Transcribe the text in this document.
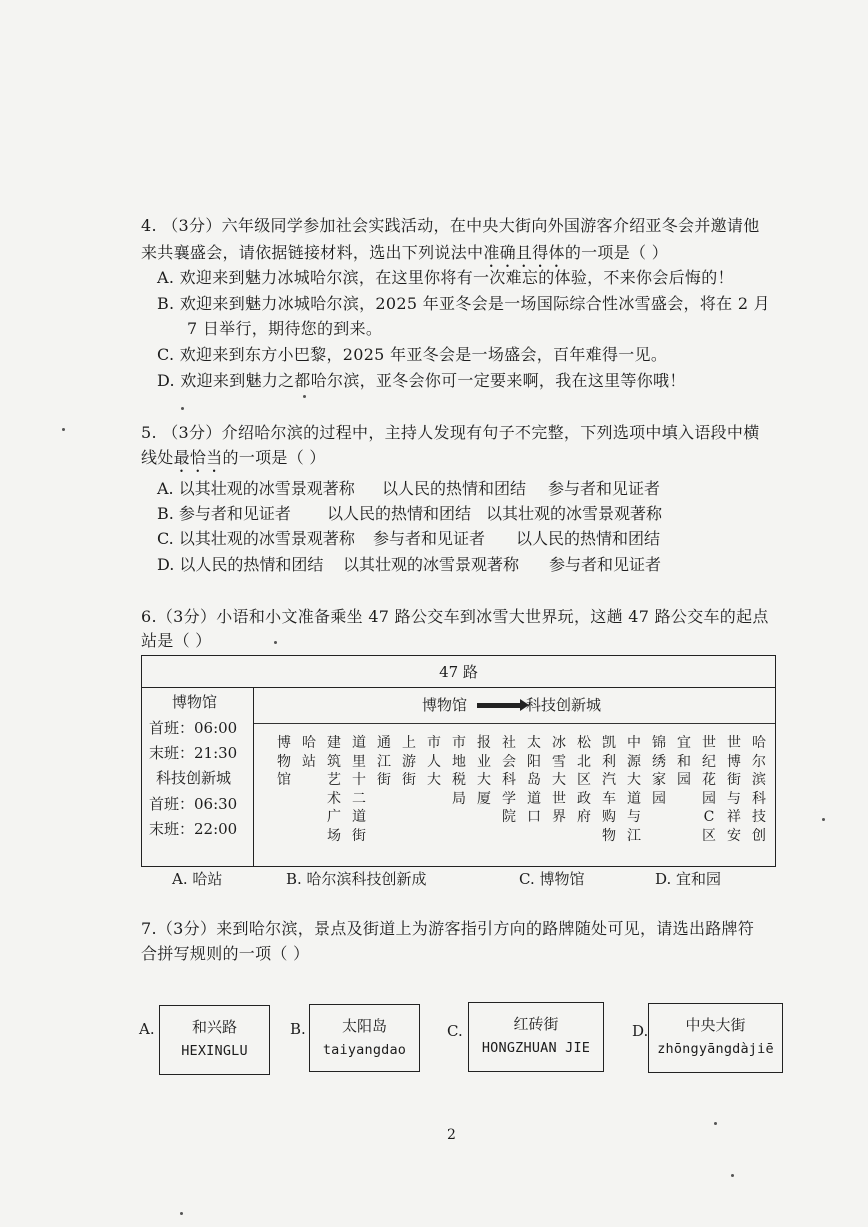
4. （3分）六年级同学参加社会实践活动，在中央大街向外国游客介绍亚冬会并邀请他
来共襄盛会，请依据链接材料，选出下列说法中准确且得体的一项是（ ）
A. 欢迎来到魅力冰城哈尔滨，在这里你将有一次难忘的体验，不来你会后悔的！
B. 欢迎来到魅力冰城哈尔滨，2025 年亚冬会是一场国际综合性冰雪盛会，将在 2 月
7 日举行，期待您的到来。
C. 欢迎来到东方小巴黎，2025 年亚冬会是一场盛会，百年难得一见。
D. 欢迎来到魅力之都哈尔滨，亚冬会你可一定要来啊，我在这里等你哦！
5. （3分）介绍哈尔滨的过程中，主持人发现有句子不完整，下列选项中填入语段中横
线处最恰当的一项是（ ）
A. 以其壮观的冰雪景观著称 以人民的热情和团结 参与者和见证者
B. 参与者和见证者 以人民的热情和团结 以其壮观的冰雪景观著称
C. 以其壮观的冰雪景观著称 参与者和见证者 以人民的热情和团结
D. 以人民的热情和团结 以其壮观的冰雪景观著称 参与者和见证者
6.（3分）小语和小文准备乘坐 47 路公交车到冰雪大世界玩，这趟 47 路公交车的起点
站是（ ）
47 路
博物馆
首班：06:00
末班：21:30
科技创新城
首班：06:30
末班：22:00
博物馆	科技创新城
博物馆
哈站
建筑艺术广场
道里十二道街
通江街
上游街
市人大
市地税局
报业大厦
社会科学院
太阳岛道口
冰雪大世界
松北区政府
凯利汽车购物
中源大道与江
锦绣家园
宜和园
世纪花园C区
世博街与祥安
哈尔滨科技创
A. 哈站	B. 哈尔滨科技创新成	C. 博物馆	D. 宜和园
7.（3分）来到哈尔滨，景点及街道上为游客指引方向的路牌随处可见，请选出路牌符
合拼写规则的一项（ ）
A.	和兴路
HEXINGLU
B.	太阳岛
taiyangdao
C.	红砖街
HONGZHUAN JIE
D.	中央大街
zhōngyāngdàjiē
2
